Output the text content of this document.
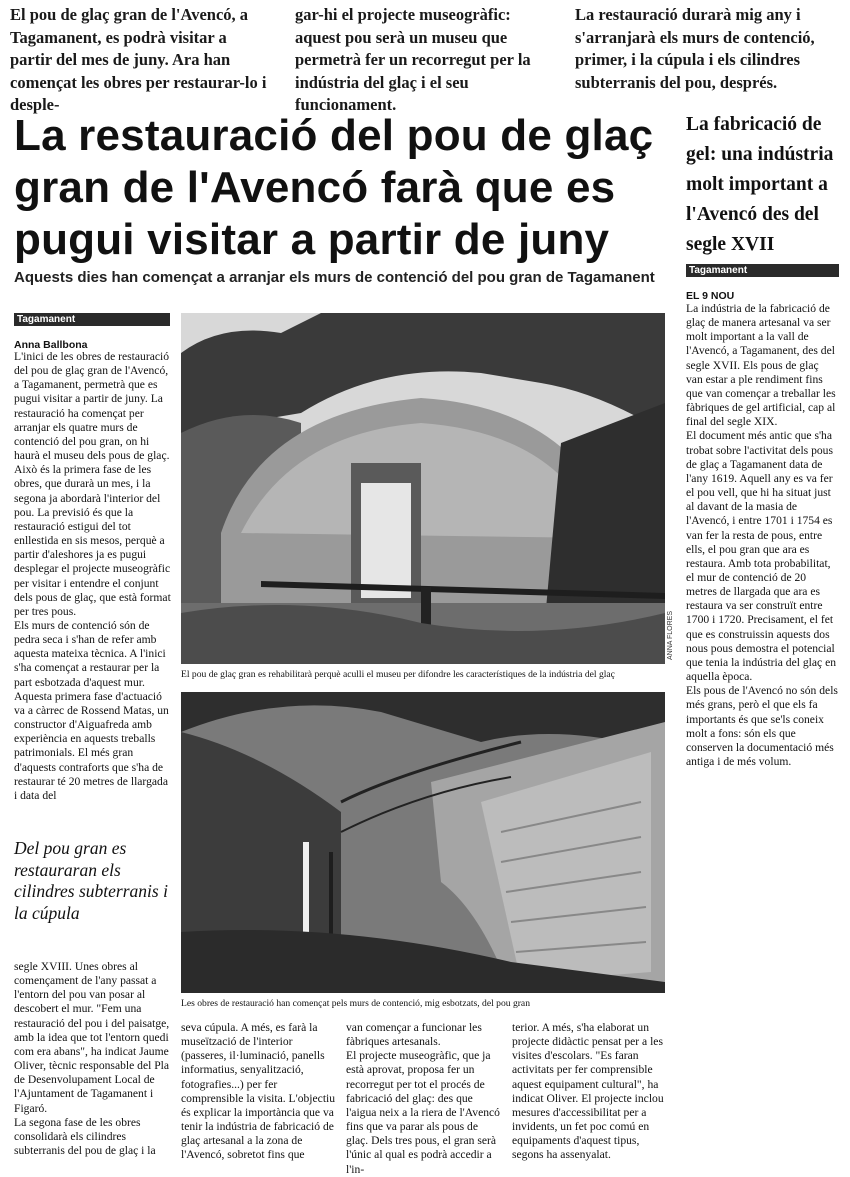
El pou de glaç gran de l'Avencó, a Tagamanent, es podrà visitar a partir del mes de juny. Ara han començat les obres per restaurar-lo i desple-
gar-hi el projecte museogràfic: aquest pou serà un museu que permetrà fer un recorregut per la indústria del glaç i el seu funcionament.
La restauració durarà mig any i s'arranjarà els murs de contenció, primer, i la cúpula i els cilindres subterranis del pou, després.
La restauració del pou de glaç gran de l'Avencó farà que es pugui visitar a partir de juny
Aquests dies han començat a arranjar els murs de contenció del pou gran de Tagamanent
La fabricació de gel: una indústria molt important a l'Avencó des del segle XVII
Tagamanent
Anna Ballbona

L'inici de les obres de restauració del pou de glaç gran de l'Avencó, a Tagamanent, permetrà que es pugui visitar a partir de juny. La restauració ha començat per arranjar els quatre murs de contenció del pou gran, on hi haurà el museu dels pous de glaç. Això és la primera fase de les obres, que durarà un mes, i la segona ja abordarà l'interior del pou. La previsió és que la restauració estigui del tot enllestida en sis mesos, perquè a partir d'aleshores ja es pugui desplegar el projecte museogràfic per visitar i entendre el conjunt dels pous de glaç, que està format per tres pous.
Els murs de contenció són de pedra seca i s'han de refer amb aquesta mateixa tècnica. A l'inici s'ha començat a restaurar per la part esbotzada d'aquest mur. Aquesta primera fase d'actuació va a càrrec de Rossend Matas, un constructor d'Aiguafreda amb experiència en aquests treballs patrimonials. El més gran d'aquests contraforts que s'ha de restaurar té 20 metres de llargada i data del

Del pou gran es restauraran els cilindres subterranis i la cúpula

segle XVIII. Unes obres al començament de l'any passat a l'entorn del pou van posar al descobert el mur. "Fem una restauració del pou i del paisatge, amb la idea que tot l'entorn quedi com era abans", ha indicat Jaume Oliver, tècnic responsable del Pla de Desenvolupament Local de l'Ajuntament de Tagamanent i Figaró.
La segona fase de les obres consolidarà els cilindres subterranis del pou de glaç i la

ANNA FLORES
El pou de glaç gran es rehabilitarà perquè aculli el museu per difondre les característiques de la indústria del glaç
Les obres de restauració han començat pels murs de contenció, mig esbotzats, del pou gran

seva cúpula. A més, es farà la museïtzació de l'interior (passeres, il·luminació, panells informatius, senyalització, fotografies...) per fer comprensible la visita. L'objectiu és explicar la importància que va tenir la indústria de fabricació de glaç artesanal a la zona de l'Avencó, sobretot fins que

van començar a funcionar les fàbriques artesanals.
El projecte museogràfic, que ja està aprovat, proposa fer un recorregut per tot el procés de fabricació del glaç: des que l'aigua neix a la riera de l'Avencó fins que va parar als pous de glaç. Dels tres pous, el gran serà l'únic al qual es podrà accedir a l'in-

terior. A més, s'ha elaborat un projecte didàctic pensat per a les visites d'escolars. "Es faran activitats per fer comprensible aquest equipament cultural", ha indicat Oliver. El projecte inclou mesures d'accessibilitat per a invidents, un fet poc comú en equipaments d'aquest tipus, segons ha assenyalat.

Tagamanent
EL 9 NOU

La indústria de la fabricació de glaç de manera artesanal va ser molt important a la vall de l'Avencó, a Tagamanent, des del segle XVII. Els pous de glaç van estar a ple rendiment fins que van començar a treballar les fàbriques de gel artificial, cap al final del segle XIX.
El document més antic que s'ha trobat sobre l'activitat dels pous de glaç a Tagamanent data de l'any 1619. Aquell any es va fer el pou vell, que hi ha situat just al davant de la masia de l'Avencó, i entre 1701 i 1754 es van fer la resta de pous, entre ells, el pou gran que ara es restaura. Amb tota probabilitat, el mur de contenció de 20 metres de llargada que ara es restaura va ser construït entre 1700 i 1720. Precisament, el fet que es construissin aquests dos nous pous demostra el potencial que tenia la indústria del glaç en aquella època.
Els pous de l'Avencó no són dels més grans, però el que els fa importants és que se'ls coneix molt a fons: són els que conserven la documentació més antiga i de més volum.
